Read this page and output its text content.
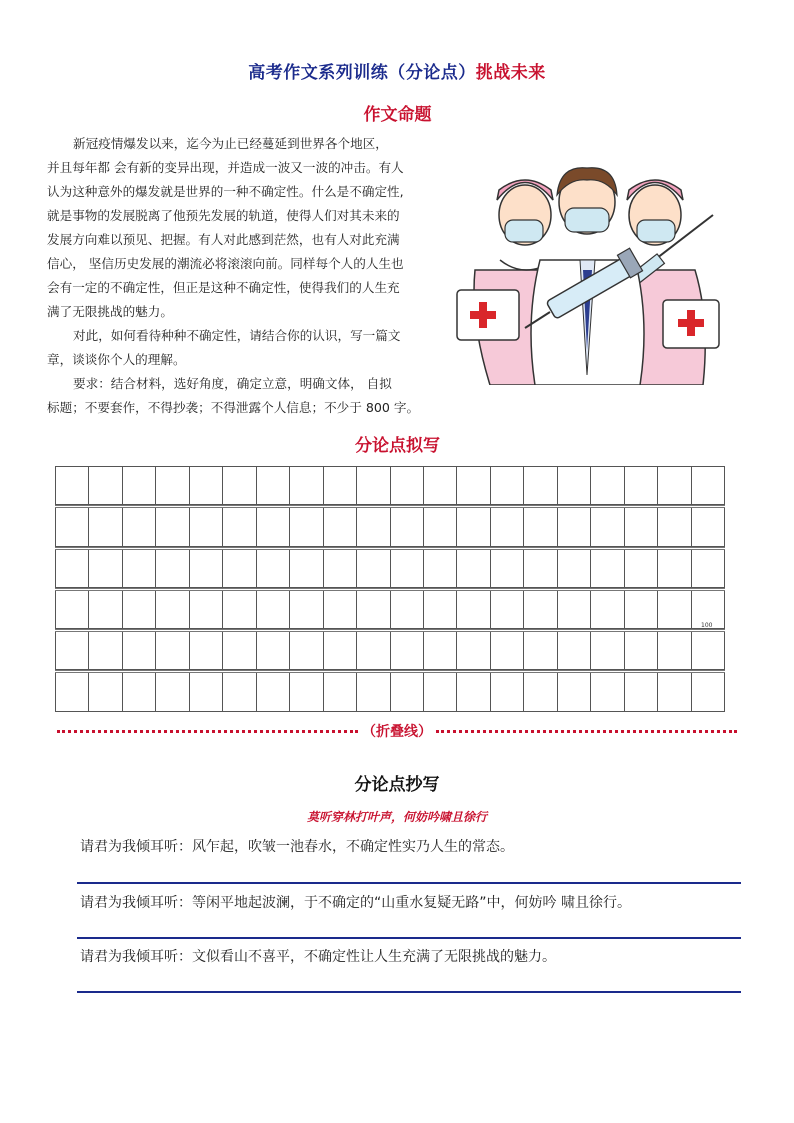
高考作文系列训练（分论点）挑战未来
作文命题

新冠疫情爆发以来，迄今为止已经蔓延到世界各个地区，

并且每年都 会有新的变异出现，并造成一波又一波的冲击。有人

认为这种意外的爆发就是世界的一种不确定性。什么是不确定性,

就是事物的发展脱离了他预先发展的轨道，使得人们对其未来的

发展方向难以预见、把握。有人对此感到茫然，也有人对此充满

信心， 坚信历史发展的潮流必将滚滚向前。同样每个人的人生也

会有一定的不确定性，但正是这种不确定性，使得我们的人生充

满了无限挑战的魅力。

对此，如何看待种种不确定性，请结合你的认识，写一篇文

章，谈谈你个人的理解。

要求：结合材料，选好角度，确定立意，明确文体， 自拟

标题；不要套作，不得抄袭；不得泄露个人信息；不少于 800 字。

分论点拟写
100
（折叠线）
分论点抄写
莫听穿林打叶声，何妨吟啸且徐行
请君为我倾耳听：风乍起，吹皱一池春水，不确定性实乃人生的常态。
请君为我倾耳听：等闲平地起波澜，于不确定的“山重水复疑无路”中，何妨吟 啸且徐行。
请君为我倾耳听：文似看山不喜平，不确定性让人生充满了无限挑战的魅力。
